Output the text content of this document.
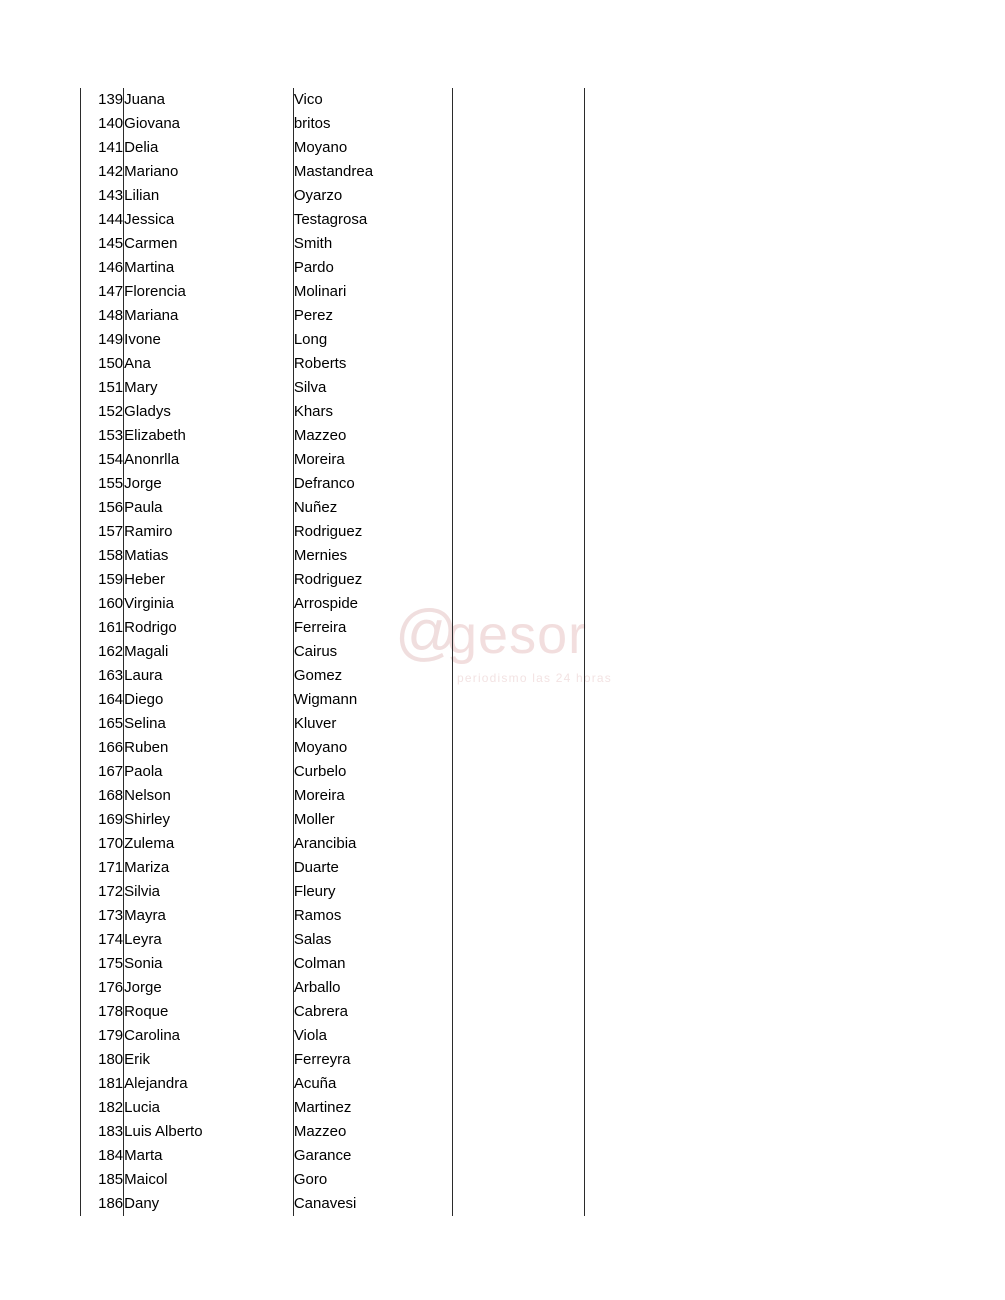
@
gesor
periodismo las 24 horas
139	Juana	Vico		
140	Giovana	britos		
141	Delia	Moyano		
142	Mariano	Mastandrea		
143	Lilian	Oyarzo		
144	Jessica	Testagrosa		
145	Carmen	Smith		
146	Martina	Pardo		
147	Florencia	Molinari		
148	Mariana	Perez		
149	Ivone	Long		
150	Ana	Roberts		
151	Mary	Silva		
152	Gladys	Khars		
153	Elizabeth	Mazzeo		
154	Anonrlla	Moreira		
155	Jorge	Defranco		
156	Paula	Nuñez		
157	Ramiro	Rodriguez		
158	Matias	Mernies		
159	Heber	Rodriguez		
160	Virginia	Arrospide		
161	Rodrigo	Ferreira		
162	Magali	Cairus		
163	Laura	Gomez		
164	Diego	Wigmann		
165	Selina	Kluver		
166	Ruben	Moyano		
167	Paola	Curbelo		
168	Nelson	Moreira		
169	Shirley	Moller		
170	Zulema	Arancibia		
171	Mariza	Duarte		
172	Silvia	Fleury		
173	Mayra	Ramos		
174	Leyra	Salas		
175	Sonia	Colman		
176	Jorge	Arballo		
178	Roque	Cabrera		
179	Carolina	Viola		
180	Erik	Ferreyra		
181	Alejandra	Acuña		
182	Lucia	Martinez		
183	Luis Alberto	Mazzeo		
184	Marta	Garance		
185	Maicol	Goro		
186	Dany	Canavesi		
